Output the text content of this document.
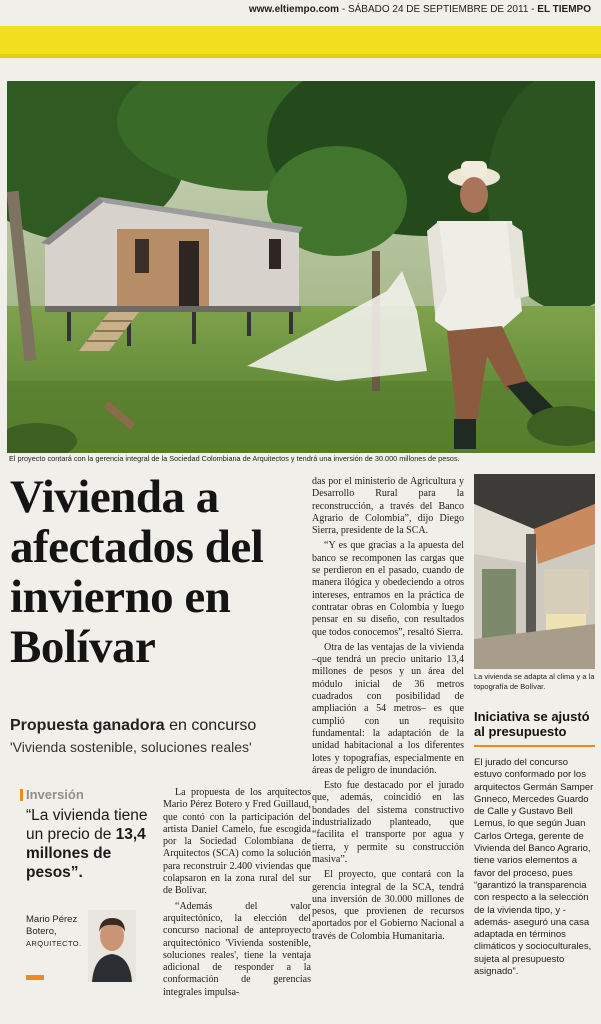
www.eltiempo.com - SÁBADO 24 DE SEPTIEMBRE DE 2011 - EL TIEMPO
El proyecto contará con la gerencia integral de la Sociedad Colombiana de Arquitectos y tendrá una inversión de 30.000 millones de pesos.
Vivienda a afectados del invierno en Bolívar
Propuesta ganadora en concurso
'Vivienda sostenible, soluciones reales'
Inversión
“La vivienda tiene un precio de 13,4 millones de pesos”.
Mario Pérez Botero,
ARQUITECTO.

La propuesta de los arquitectos Mario Pérez Botero y Fred Guillaud, que contó con la participación del artista Daniel Camelo, fue escogida por la Sociedad Colombiana de Arquitectos (SCA) como la solución para reconstruir 2.400 viviendas que colapsaron en la zona rural del sur de Bolívar.

“Además del valor arquitectónico, la elección del concurso nacional de anteproyecto arquitectónico 'Vivienda sostenible, soluciones reales', tiene la ventaja adicional de responder a la conformación de gerencias integrales impulsa-

das por el ministerio de Agricultura y Desarrollo Rural para la reconstrucción, a través del Banco Agrario de Colombia”, dijo Diego Sierra, presidente de la SCA.

“Y es que gracias a la apuesta del banco se recomponen las cargas que se perdieron en el pasado, cuando de manera ilógica y obedeciendo a otros intereses, entramos en la práctica de contratar obras en Colombia y luego pensar en su diseño, con resultados que todos conocemos”, resaltó Sierra.

Otra de las ventajas de la vivienda –que tendrá un precio unitario 13,4 millones de pesos y un área del módulo inicial de 36 metros cuadrados con posibilidad de ampliación a 54 metros– es que cumplió con un requisito fundamental: la adaptación de la unidad habitacional a los diferentes lotes y topografías, especialmente en áreas de peligro de inundación.

Esto fue destacado por el jurado que, además, coincidió en las bondades del sistema constructivo industrializado planteado, que “facilita el transporte por agua y tierra, y permite su construcción masiva”.

El proyecto, que contará con la gerencia integral de la SCA, tendrá una inversión de 30.000 millones de pesos, que provienen de recursos aportados por el Gobierno Nacional a través de Colombia Humanitaria.

La vivienda se adapta al clima y a la topografía de Bolívar.
Iniciativa se ajustó al presupuesto
El jurado del concurso estuvo conformado por los arquitectos Germán Samper Gnneco, Mercedes Guardo de Calle y Gustavo Bell Lemus, lo que según Juan Carlos Ortega, gerente de Vivienda del Banco Agrario, tiene varios elementos a favor del proceso, pues “garantizó la transparencia con respecto a la selección de la vivienda tipo, y -además- aseguró una casa adaptada en términos climáticos y socioculturales, sujeta al presupuesto asignado”.
